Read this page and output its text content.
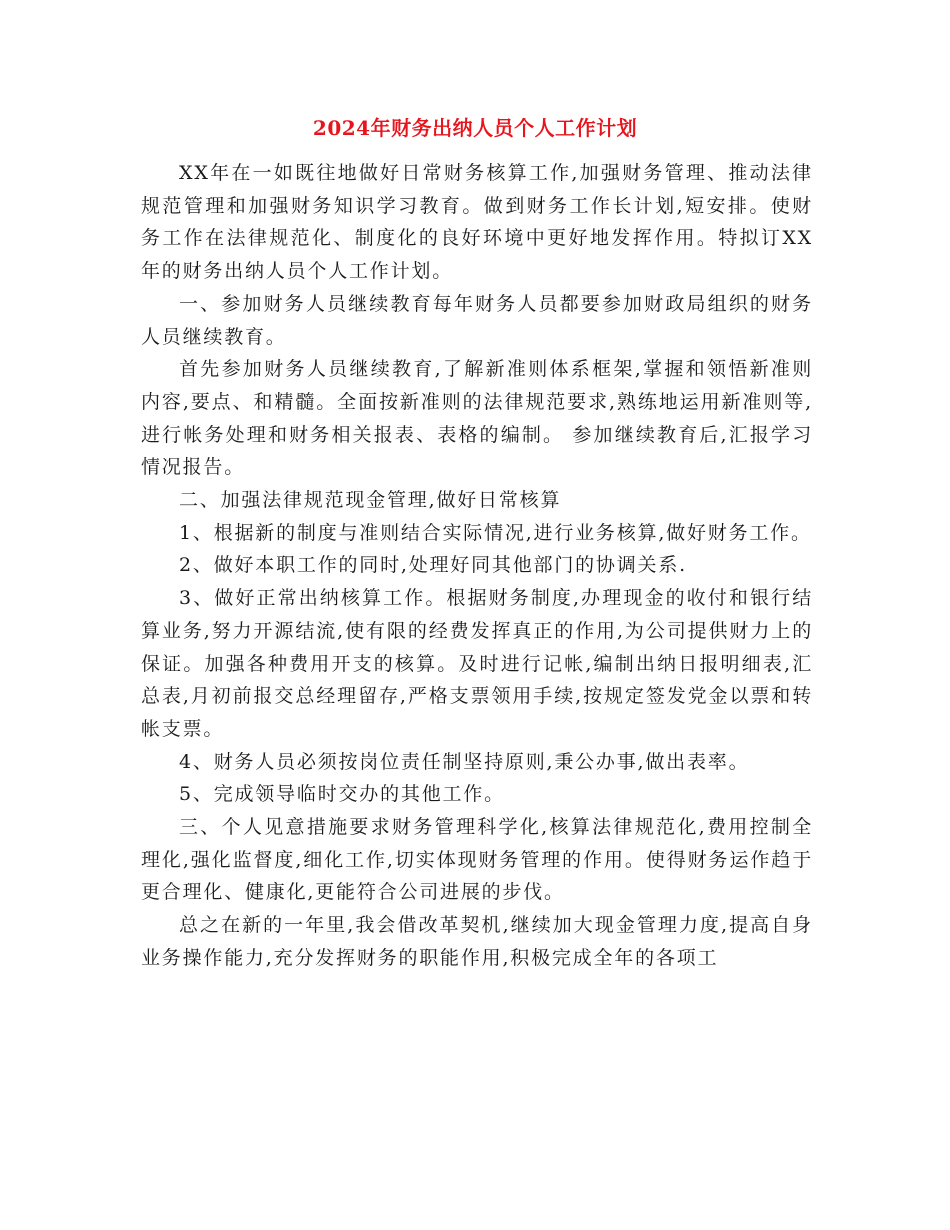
2024年财务出纳人员个人工作计划

XX年在一如既往地做好日常财务核算工作,加强财务管理、推动法律规范管理和加强财务知识学习教育。做到财务工作长计划,短安排。使财务工作在法律规范化、制度化的良好环境中更好地发挥作用。特拟订XX年的财务出纳人员个人工作计划。

一、参加财务人员继续教育每年财务人员都要参加财政局组织的财务人员继续教育。

首先参加财务人员继续教育,了解新准则体系框架,掌握和领悟新准则内容,要点、和精髓。全面按新准则的法律规范要求,熟练地运用新准则等,进行帐务处理和财务相关报表、表格的编制。 参加继续教育后,汇报学习情况报告。

二、加强法律规范现金管理,做好日常核算

1、根据新的制度与准则结合实际情况,进行业务核算,做好财务工作。

2、做好本职工作的同时,处理好同其他部门的协调关系.

3、做好正常出纳核算工作。根据财务制度,办理现金的收付和银行结算业务,努力开源结流,使有限的经费发挥真正的作用,为公司提供财力上的保证。加强各种费用开支的核算。及时进行记帐,编制出纳日报明细表,汇总表,月初前报交总经理留存,严格支票领用手续,按规定签发党金以票和转帐支票。

4、财务人员必须按岗位责任制坚持原则,秉公办事,做出表率。

5、完成领导临时交办的其他工作。

三、个人见意措施要求财务管理科学化,核算法律规范化,费用控制全理化,强化监督度,细化工作,切实体现财务管理的作用。使得财务运作趋于更合理化、健康化,更能符合公司进展的步伐。

总之在新的一年里,我会借改革契机,继续加大现金管理力度,提高自身业务操作能力,充分发挥财务的职能作用,积极完成全年的各项工
